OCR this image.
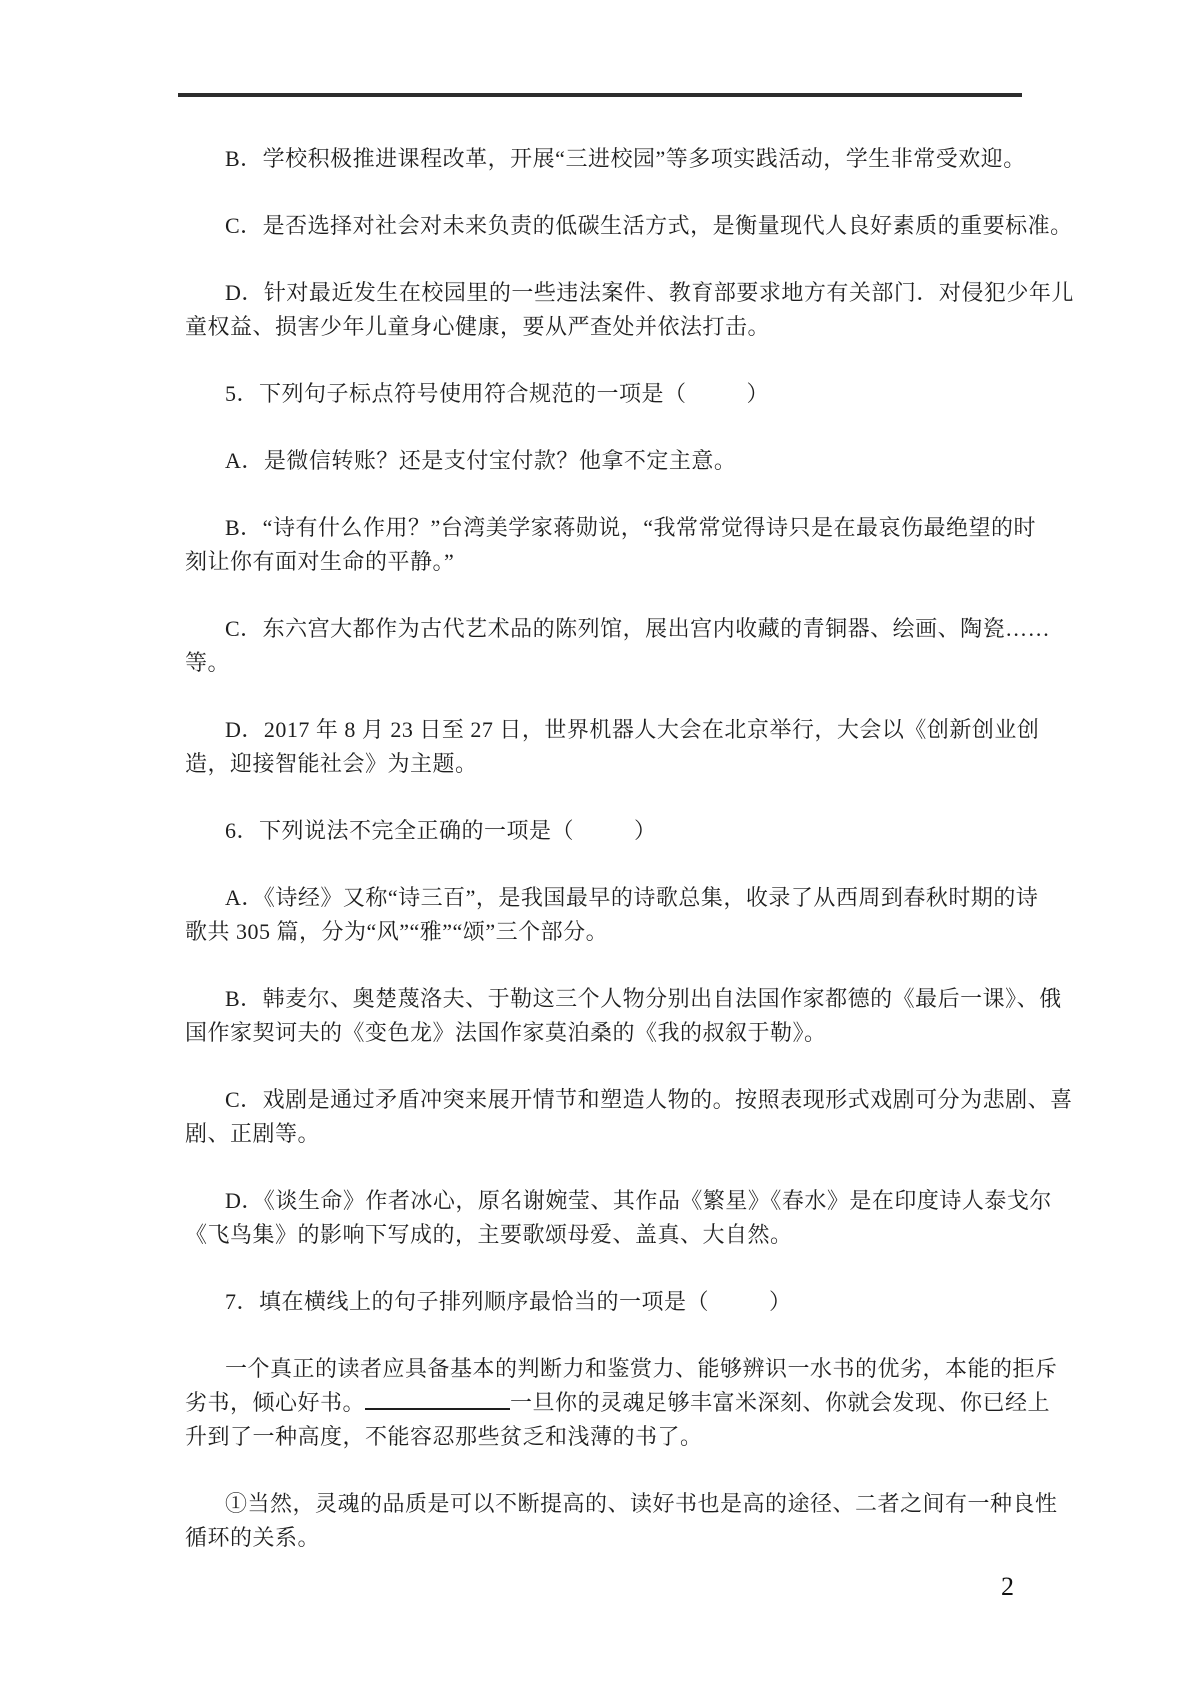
B．学校积极推进课程改革，开展“三进校园”等多项实践活动，学生非常受欢迎。
C．是否选择对社会对未来负责的低碳生活方式，是衡量现代人良好素质的重要标准。
D．针对最近发生在校园里的一些违法案件、教育部要求地方有关部门．对侵犯少年儿
童权益、损害少年儿童身心健康，要从严查处并依法打击。
5．下列句子标点符号使用符合规范的一项是（          ）
A．是微信转账？还是支付宝付款？他拿不定主意。
B．“诗有什么作用？”台湾美学家蒋勋说，“我常常觉得诗只是在最哀伤最绝望的时
刻让你有面对生命的平静。”
C．东六宫大都作为古代艺术品的陈列馆，展出宫内收藏的青铜器、绘画、陶瓷……
等。
D．2017 年 8 月 23 日至 27 日，世界机器人大会在北京举行，大会以《创新创业创
造，迎接智能社会》为主题。
6．下列说法不完全正确的一项是（          ）
A．《诗经》又称“诗三百”，是我国最早的诗歌总集，收录了从西周到春秋时期的诗
歌共 305 篇，分为“风”“雅”“颂”三个部分。
B．韩麦尔、奥楚蔑洛夫、于勒这三个人物分别出自法国作家都德的《最后一课》、俄
国作家契诃夫的《变色龙》法国作家莫泊桑的《我的叔叙于勒》。
C．戏剧是通过矛盾冲突来展开情节和塑造人物的。按照表现形式戏剧可分为悲剧、喜
剧、正剧等。
D．《谈生命》作者冰心，原名谢婉莹、其作品《繁星》《春水》是在印度诗人泰戈尔
《飞鸟集》的影响下写成的，主要歌颂母爱、盖真、大自然。
7．填在横线上的句子排列顺序最恰当的一项是（          ）
一个真正的读者应具备基本的判断力和鉴赏力、能够辨识一水书的优劣，本能的拒斥
劣书，倾心好书。	一旦你的灵魂足够丰富米深刻、你就会发现、你已经上
升到了一种高度，不能容忍那些贫乏和浅薄的书了。
①当然，灵魂的品质是可以不断提高的、读好书也是高的途径、二者之间有一种良性
循环的关系。
2
